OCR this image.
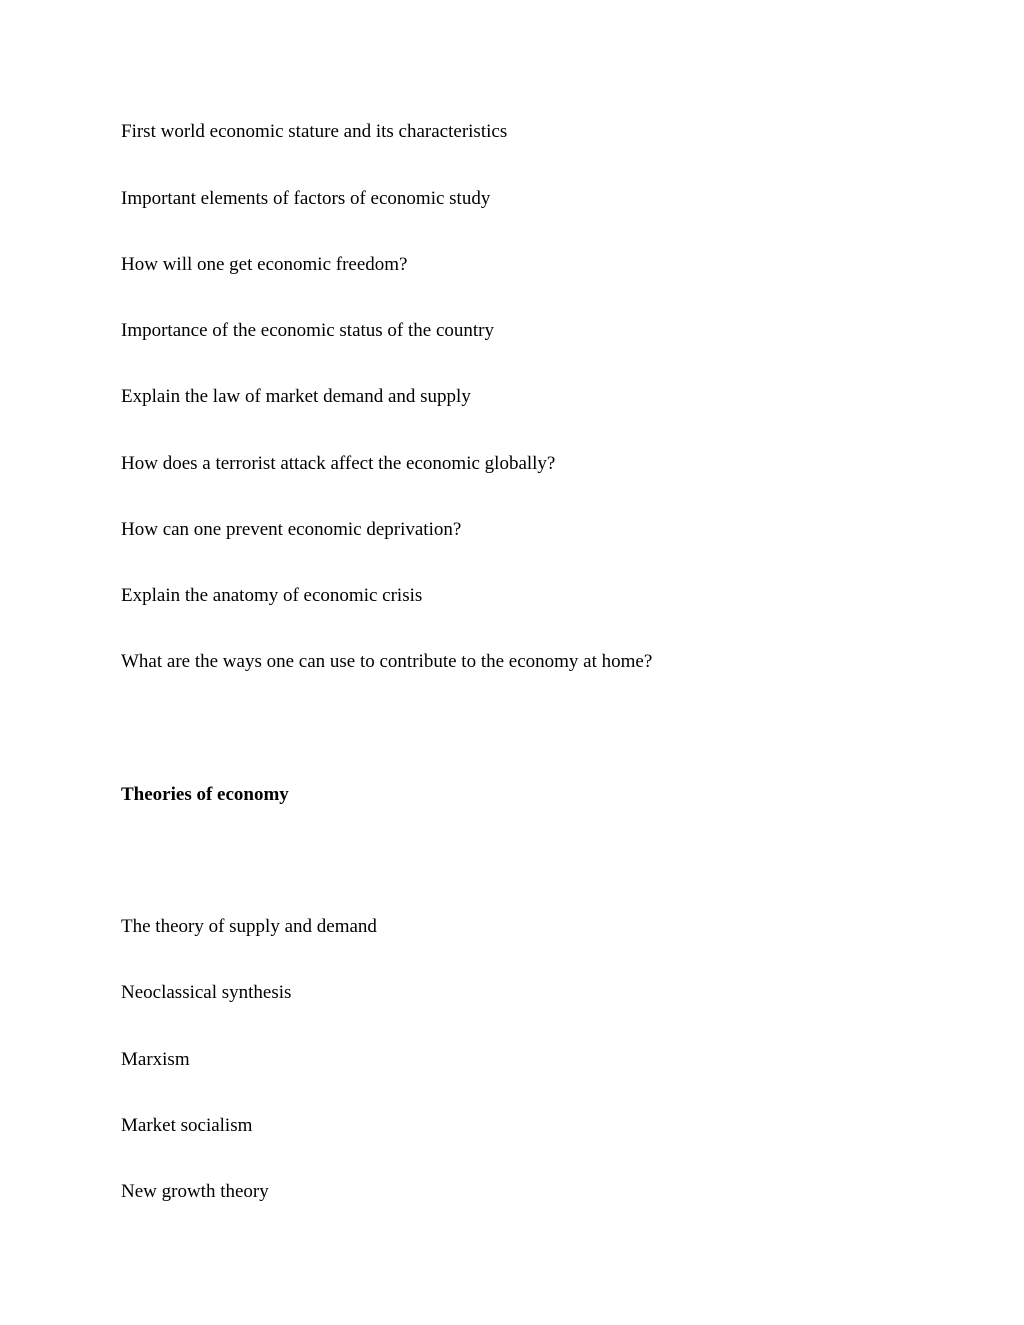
First world economic stature and its characteristics
Important elements of factors of economic study
How will one get economic freedom?
Importance of the economic status of the country
Explain the law of market demand and supply
How does a terrorist attack affect the economic globally?
How can one prevent economic deprivation?
Explain the anatomy of economic crisis
What are the ways one can use to contribute to the economy at home?
Theories of economy
The theory of supply and demand
Neoclassical synthesis
Marxism
Market socialism
New growth theory
